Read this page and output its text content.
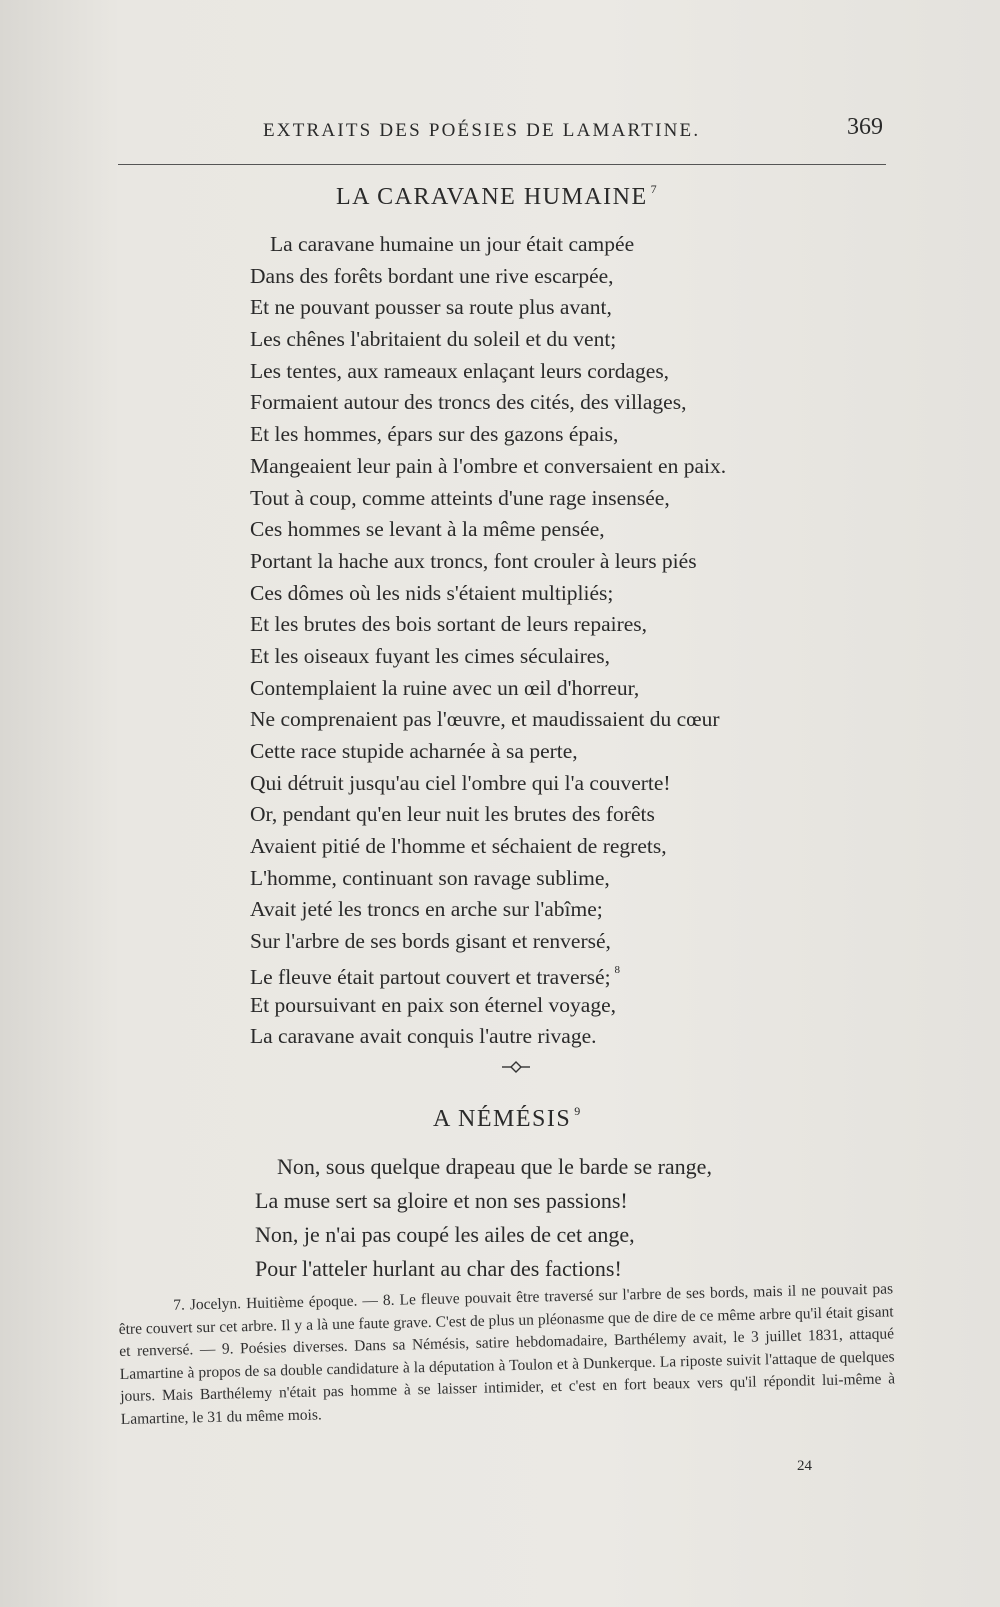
EXTRAITS DES POÉSIES DE LAMARTINE.	369
LA CARAVANE HUMAINE $^7$
La caravane humaine un jour était campée
Dans des forêts bordant une rive escarpée,
Et ne pouvant pousser sa route plus avant,
Les chênes l'abritaient du soleil et du vent;
Les tentes, aux rameaux enlaçant leurs cordages,
Formaient autour des troncs des cités, des villages,
Et les hommes, épars sur des gazons épais,
Mangeaient leur pain à l'ombre et conversaient en paix.
Tout à coup, comme atteints d'une rage insensée,
Ces hommes se levant à la même pensée,
Portant la hache aux troncs, font crouler à leurs piés
Ces dômes où les nids s'étaient multipliés;
Et les brutes des bois sortant de leurs repaires,
Et les oiseaux fuyant les cimes séculaires,
Contemplaient la ruine avec un œil d'horreur,
Ne comprenaient pas l'œuvre, et maudissaient du cœur
Cette race stupide acharnée à sa perte,
Qui détruit jusqu'au ciel l'ombre qui l'a couverte!
Or, pendant qu'en leur nuit les brutes des forêts
Avaient pitié de l'homme et séchaient de regrets,
L'homme, continuant son ravage sublime,
Avait jeté les troncs en arche sur l'abîme;
Sur l'arbre de ses bords gisant et renversé,
Le fleuve était partout couvert et traversé; $^8$
Et poursuivant en paix son éternel voyage,
La caravane avait conquis l'autre rivage.
A NÉMÉSIS $^9$
Non, sous quelque drapeau que le barde se range,
La muse sert sa gloire et non ses passions!
Non, je n'ai pas coupé les ailes de cet ange,
Pour l'atteler hurlant au char des factions!

7. Jocelyn. Huitième époque. — 8. Le fleuve pouvait être traversé sur l'arbre de ses bords, mais il ne pouvait pas être couvert sur cet arbre. Il y a là une faute grave. C'est de plus un pléonasme que de dire de ce même arbre qu'il était gisant et renversé. — 9. Poésies diverses. Dans sa Némésis, satire hebdomadaire, Barthélemy avait, le 3 juillet 1831, attaqué Lamartine à propos de sa double candidature à la députation à Toulon et à Dunkerque. La riposte suivit l'attaque de quelques jours. Mais Barthélemy n'était pas homme à se laisser intimider, et c'est en fort beaux vers qu'il répondit lui-même à Lamartine, le 31 du même mois.

24
